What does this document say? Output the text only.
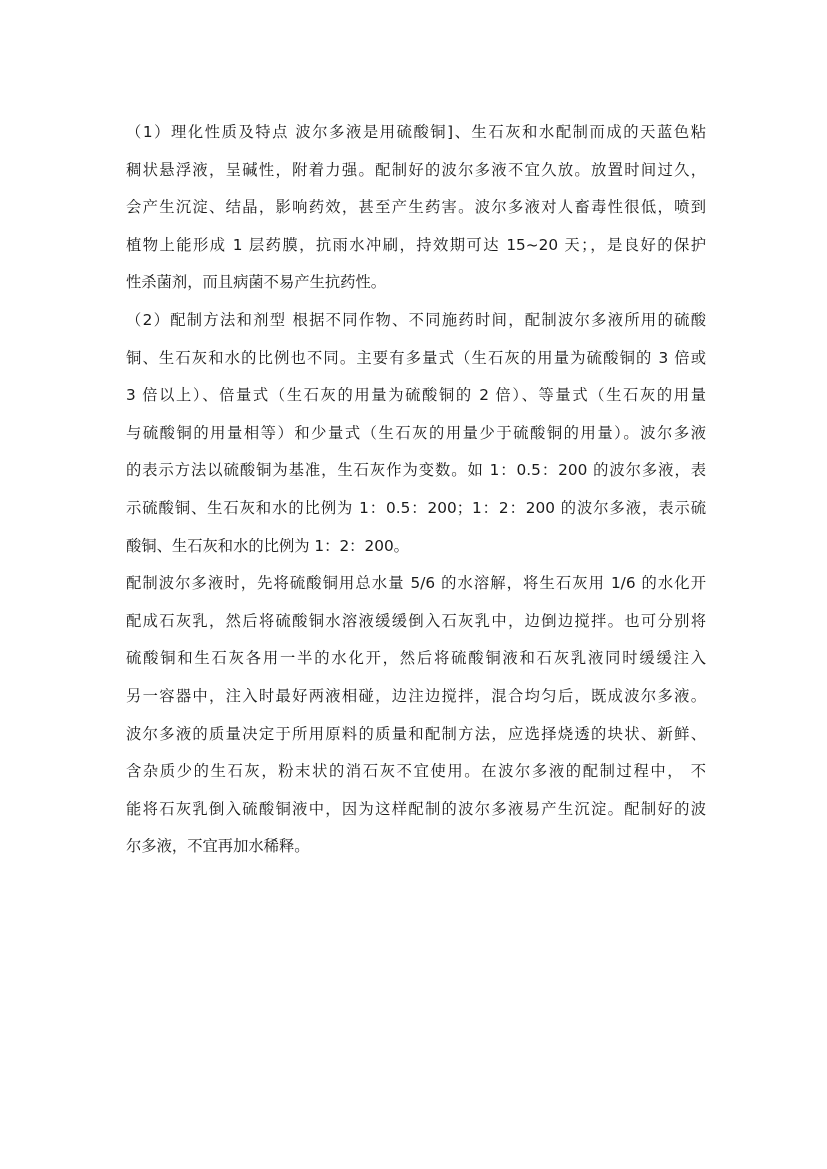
（1）理化性质及特点 波尔多液是用硫酸铜]、生石灰和水配制而成的天蓝色粘
稠状悬浮液，呈碱性，附着力强。配制好的波尔多液不宜久放。放置时间过久，
会产生沉淀、结晶，影响药效，甚至产生药害。波尔多液对人畜毒性很低，喷到
植物上能形成 1 层药膜，抗雨水冲刷，持效期可达 15~20 天；，是良好的保护
性杀菌剂，而且病菌不易产生抗药性。
（2）配制方法和剂型 根据不同作物、不同施药时间，配制波尔多液所用的硫酸
铜、生石灰和水的比例也不同。主要有多量式（生石灰的用量为硫酸铜的 3 倍或
3 倍以上）、倍量式（生石灰的用量为硫酸铜的 2 倍）、等量式（生石灰的用量
与硫酸铜的用量相等）和少量式（生石灰的用量少于硫酸铜的用量）。波尔多液
的表示方法以硫酸铜为基准，生石灰作为变数。如 1：0.5：200 的波尔多液，表
示硫酸铜、生石灰和水的比例为 1：0.5：200；1：2：200 的波尔多液，表示硫
酸铜、生石灰和水的比例为 1：2：200。
配制波尔多液时，先将硫酸铜用总水量 5/6 的水溶解，将生石灰用 1/6 的水化开
配成石灰乳，然后将硫酸铜水溶液缓缓倒入石灰乳中，边倒边搅拌。也可分别将
硫酸铜和生石灰各用一半的水化开，然后将硫酸铜液和石灰乳液同时缓缓注入
另一容器中，注入时最好两液相碰，边注边搅拌，混合均匀后，既成波尔多液。
波尔多液的质量决定于所用原料的质量和配制方法，应选择烧透的块状、新鲜、
含杂质少的生石灰，粉末状的消石灰不宜使用。在波尔多液的配制过程中， 不
能将石灰乳倒入硫酸铜液中，因为这样配制的波尔多液易产生沉淀。配制好的波
尔多液，不宜再加水稀释。
